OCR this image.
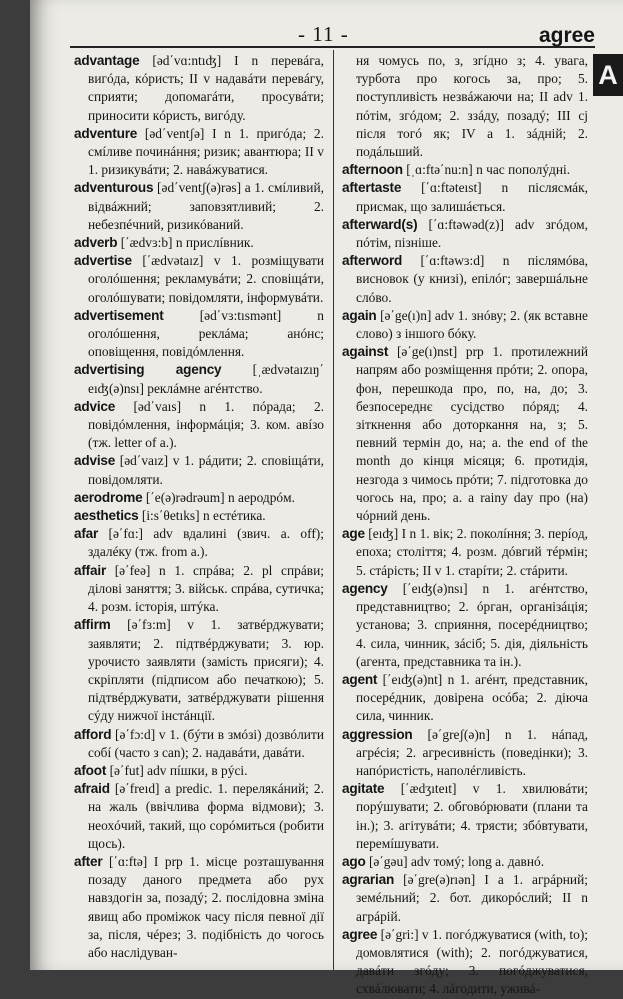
- 11 -	agree
A

advantage [əd΄vɑ:ntıʤ] I n перевáга, вигóда, кóристь; II v надавáти перевáгу, сприяти; допомагáти, просувáти; приносити кóристь, вигóду.

adventure [əd΄ventʃə] I n 1. пригóда; 2. смíливе починáння; ризик; авантюра; II v 1. ризикувáти; 2. навáжуватися.

adventurous [əd΄ventʃ(ə)rəs] a 1. смíливий, відвáжний; заповзятливий; 2. небезпéчний, ризикóваний.

adverb [΄ædvɜ:b] n прислíвник.

advertise [΄ædvətaız] v 1. розміщувати оголóшення; рекламувáти; 2. сповіщáти, оголóшувати; повідомляти, інформувáти.

advertisement	[əd΄vɜ:tısmənt] n оголóшення, реклáма; анóнс; оповіщення, повідóмлення.

advertising agency [ˌædvətaızıŋ΄ eıʤ(ə)nsı] реклáмне агéнтство.

advice [əd΄vaıs] n 1. пóрада; 2. повідóмлення, інформáція; 3. ком. авíзо (тж. letter of a.).

advise [əd΄vaız] v 1. рáдити; 2. сповіщáти, повідомляти.

aerodrome [΄e(ə)rədrəum] n аеродрóм.

aesthetics [i:s΄θetıks] n естéтика.

afar [ə΄fɑ:] adv вдалині (звич. a. off); здалéку (тж. from a.).

affair [ə΄feə] n 1. спрáва; 2. pl спрáви; ділові заняття; 3. військ. спрáва, сутичка; 4. розм. історія, штýка.

affirm [ə΄fɜ:m] v 1. затвéрджувати; заявляти; 2. підтвéрджувати; 3. юр. урочисто заявляти (замість присяги); 4. скріпляти (підписом або печаткою); 5. підтвéрджувати, затвéрджувати рішення сýду нижчої інстáнції.

afford [ə΄fɔ:d] v 1. (бýти в змóзі) дозвóлити собí (часто з can); 2. надавáти, давáти.

afoot [ə΄fut] adv пíшки, в рýсі.

afraid [ə΄freıd] a predic. 1. перелякáний; 2. на жаль (ввічлива форма відмови); 3. неохóчий, такий, що сорóмиться (робити щось).

after [΄ɑ:ftə] I prp 1. місце розташування позаду даного предмета або рух навздогін за, позадý; 2. послідовна зміна явищ або проміжок часу після певної дії за, після, чéрез; 3. подібність до чогось або наслідуван-

ня чомусь по, з, згíдно з; 4. увага, турбота про когось за, про; 5. поступливість незвáжаючи на; II adv 1. пóтім, згóдом; 2. ззáду, позадý; III cj після тогó як; IV a 1. зáдній; 2. подáльший.

afternoon [ˌɑ:ftə΄nu:n] n час пополýдні.

aftertaste [΄ɑ:ftəteıst] n післясмáк, присмак, що залишáється.

afterward(s) [΄ɑ:ftəwəd(z)] adv згóдом, пóтім, пізніше.

afterword [΄ɑ:ftəwɜ:d] n післямóва, висновок (у книзі), епілóг; завершáльне слóво.

again [ə΄ge(ı)n] adv 1. знóву; 2. (як вставне слово) з іншого бóку.

against [ə΄ge(ı)nst] prp 1. протилежний напрям або розміщення прóти; 2. опора, фон, перешкода про, по, на, до; 3. безпосереднє сусідство пóряд; 4. зіткнення або доторкання на, з; 5. певний термін до, на; a. the end of the month до кінця місяця; 6. протидія, незгода з чимось прóти; 7. підготовка до чогось на, про; a. a rainy day про (на) чóрний день.

age [eıʤ] I n 1. вік; 2. поколíння; 3. перíод, епоха; століття; 4. розм. дóвгий тéрмін; 5. стáрість; II v 1. старíти; 2. стáрити.

agency [΄eıʤ(ə)nsı] n 1. агéнтство, представництво; 2. óрган, організáція; установа; 3. сприяння, посерéдництво; 4. сила, чинник, зáсіб; 5. дія, діяльність (агента, представника та ін.).

agent [΄eıʤ(ə)nt] n 1. агéнт, представник, посерéдник, довірена осóба; 2. діюча сила, чинник.

aggression [ə΄greʃ(ə)n] n 1. нáпад, агрéсія; 2. агресивність (поведінки); 3. напóристість, наполéгливість.

agitate [΄ædʒıteıt] v 1. хвилювáти; порýшувати; 2. обговóрювати (плани та ін.); 3. агітувáти; 4. трясти; збóвтувати, перемíшувати.

ago [ə΄gəu] adv томý; long a. давнó.

agrarian [ə΄gre(ə)rıən] I a 1. агрáрний; земéльний; 2. бот. дикорóслий; II n агрáрій.

agree [ə΄gri:] v 1. погóджуватися (with, to); домовлятися (with); 2. погóджуватися, давáти згóду; 3. погóджуватися, схвáлювати; 4. лáгодити, уживá-
